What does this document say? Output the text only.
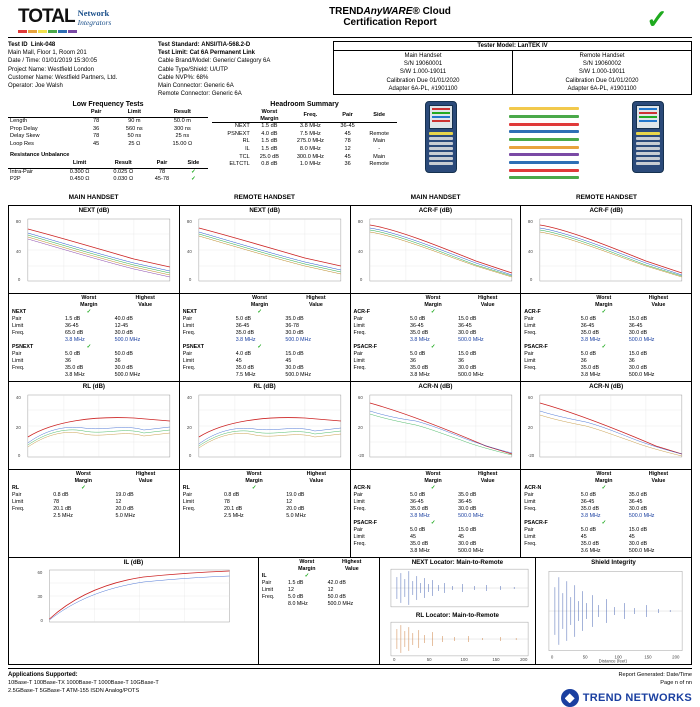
TOTAL Network
Integrators
TRENDAnyWARE® Cloud
Certification Report	✓
Test ID Link-048
Main Mall, Floor 1, Room 201
Date / Time: 01/01/2019 15:30:05
Project Name: Westfield London
Customer Name: Westfield Partners, Ltd.
Operator: Joe Walsh
Test Standard: ANSI/TIA-568.2-D
Test Limit: Cat 6A Permanent Link
Cable Brand/Model: Generic/ Category 6A
Cable Type/Shield: U/UTP
Cable NVP%: 68%
Main Connector: Generic 6A
Remote Connector: Generic 6A
Tester Model: LanTEK IV
Main Handset
S/N 19060001
S/W 1.000-19011
Calibration Due 01/01/2020
Adapter 6A-PL, #1901100
Remote Handset
S/N 19060002
S/W 1.000-19011
Calibration Due 01/01/2020
Adapter 6A-PL, #1901100
Low Frequency Tests
	Pair	Limit	Result
Length	78	90 m	50.0 m
Prop Delay	36	560 ns	300 ns
Delay Skew	78	50 ns	25 ns
Loop Res	45	25 Ω	15.00 Ω
Resistance Unbalance				
	Limit	Result	Pair	Side
Intra-Pair	0.300 Ω	0.025 Ω	78	✓
P2P	0.450 Ω	0.030 Ω	45-78	✓
Headroom Summary
	Worst
Margin	Freq.	Pair	Side
NEXT	1.5 dB	3.8 MHz	36-45	
PSNEXT	4.0 dB	7.5 MHz	45	Remote
RL	1.5 dB	275.0 MHz	78	Main
IL	1.5 dB	8.0 MHz	12	-
TCL	25.0 dB	300.0 MHz	45	Main
ELTCTL	0.8 dB	1.0 MHz	36	Remote
MAIN HANDSET	REMOTE HANDSET	MAIN HANDSET	REMOTE HANDSET
NEXT (dB)
80
40
0
	Worst
Margin	Highest
Value
NEXT	✓	
Pair	1.5 dB	40.0 dB
Limit	36-45	12-45
Freq.	65.0 dB	30.0 dB
	3.8 MHz	500.0 MHz
PSNEXT	✓	
Pair	5.0 dB	50.0 dB
Limit	36	36
Freq.	35.0 dB	30.0 dB
	3.8 MHz	500.0 MHz
NEXT (dB)
80
40
0
	Worst
Margin	Highest
Value
NEXT	✓	
Pair	5.0 dB	35.0 dB
Limit	36-45	36-78
Freq.	35.0 dB	30.0 dB
	3.8 MHz	500.0 MHz
PSNEXT	✓	
Pair	4.0 dB	15.0 dB
Limit	45	45
Freq.	35.0 dB	30.0 dB
	7.5 MHz	500.0 MHz
ACR-F (dB)
80
40
0
	Worst
Margin	Highest
Value
ACR-F	✓	
Pair	5.0 dB	15.0 dB
Limit	36-45	36-45
Freq.	35.0 dB	30.0 dB
	3.8 MHz	500.0 MHz
PSACR-F	✓	
Pair	5.0 dB	15.0 dB
Limit	36	36
Freq.	35.0 dB	30.0 dB
	3.8 MHz	500.0 MHz
ACR-F (dB)
80
40
0
	Worst
Margin	Highest
Value
ACR-F	✓	
Pair	5.0 dB	15.0 dB
Limit	36-45	36-45
Freq.	35.0 dB	30.0 dB
	3.8 MHz	500.0 MHz
PSACR-F	✓	
Pair	5.0 dB	15.0 dB
Limit	36	36
Freq.	35.0 dB	30.0 dB
	3.8 MHz	500.0 MHz
RL (dB)
40
20
0
	Worst
Margin	Highest
Value
RL	✓	
Pair	0.8 dB	19.0 dB
Limit	78	12
Freq.	20.1 dB	20.0 dB
	2.5 MHz	5.0 MHz
RL (dB)
40
20
0
	Worst
Margin	Highest
Value
RL	✓	
Pair	0.8 dB	19.0 dB
Limit	78	12
Freq.	20.1 dB	20.0 dB
	2.5 MHz	5.0 MHz
ACR-N (dB)
60
20
-20
	Worst
Margin	Highest
Value
ACR-N	✓	
Pair	5.0 dB	35.0 dB
Limit	36-45	36-45
Freq.	35.0 dB	30.0 dB
	3.8 MHz	500.0 MHz
PSACR-F	✓	
Pair	5.0 dB	15.0 dB
Limit	45	45
Freq.	35.0 dB	30.0 dB
	3.8 MHz	500.0 MHz
ACR-N (dB)
60
20
-20
	Worst
Margin	Highest
Value
ACR-N	✓	
Pair	5.0 dB	35.0 dB
Limit	36-45	36-45
Freq.	35.0 dB	30.0 dB
	3.8 MHz	500.0 MHz
PSACR-F	✓	
Pair	5.0 dB	15.0 dB
Limit	45	45
Freq.	35.0 dB	30.0 dB
	3.6 MHz	500.0 MHz
IL (dB)
60
30
0
	Worst
Margin	Highest
Value
IL	✓	
Pair	1.5 dB	42.0 dB
Limit	12	12
Freq.	5.0 dB	50.0 dB
	8.0 MHz	500.0 MHz
NEXT Locator: Main-to-Remote
RL Locator: Main-to-Remote
0	50	100	150	200
Shield Integrity
0	50	100	150	200
Distance (feet)
Applications Supported:
10Base-T 100Base-TX 1000Base-T 1000Base-T 10GBase-T
2.5GBase-T 5GBase-T ATM-155 ISDN Analog/POTS
Report Generated: Date/Time
Page n of nn
TREND NETWORKS
